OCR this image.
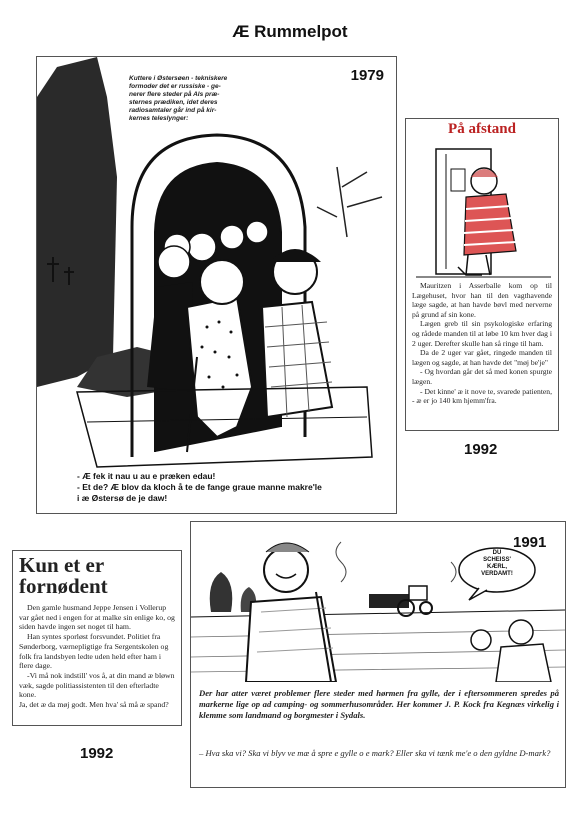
Æ Rummelpot
Kuttere i Østersøen - tekniskere
formoder det er russiske - ge-
nerer flere steder på Als præ-
sternes prædiken, idet deres
radiosamtaler går ind på kir-
kernes teleslynger:
1979
- Æ fek it nau u au e præken edau!
- Et de? Æ blov da kloch å te de fange graue manne makre'le
i æ Østersø de je daw!
På afstand

Mauritzen i Asserballe kom op til Lægehuset, hvor han til den vagthavende læge sagde, at han havde bøvl med nerverne på grund af sin kone.

Lægen greb til sin psykologiske erfaring og rådede manden til at løbe 10 km hver dag i 2 uger. Derefter skulle han så ringe til ham.

Da de 2 uger var gået, ringede manden til lægen og sagde, at han havde det "møj be'je"

- Og hvordan går det så med konen spurgte lægen.

- Det kinne' æ it nove te, svarede patienten, - æ er jo 140 km hjemm'fra.

1992
Kun et er
fornødent

Den gamle husmand Jeppe Jensen i Vollerup var gået ned i engen for at malke sin enlige ko, og siden havde ingen set noget til ham.

Han syntes sporløst forsvundet. Politiet fra Sønderborg, værnepligtige fra Sergentskolen og folk fra landsbyen ledte uden held efter ham i flere dage.

-Vi må nok indstill' vos å, at din mand æ bløwn væk, sagde politiassistenten til den efterladte kone.

Ja, det æ da møj godt. Men hva' så må æ spand?

1992
DU
SCHEISS'
KÆRL,
VERDAMT!
1991
Der har atter været problemer flere steder med hørmen fra gylle, der i eftersommeren spredes på markerne lige op ad camping- og sommerhusområder. Her kommer J. P. Kock fra Kegnæs virkelig i klemme som landmand og borgmester i Sydals.
– Hva ska vi? Ska vi blyv ve mæ å spre e gylle o e mark? Eller ska vi tænk me'e o den gyldne D-mark?
